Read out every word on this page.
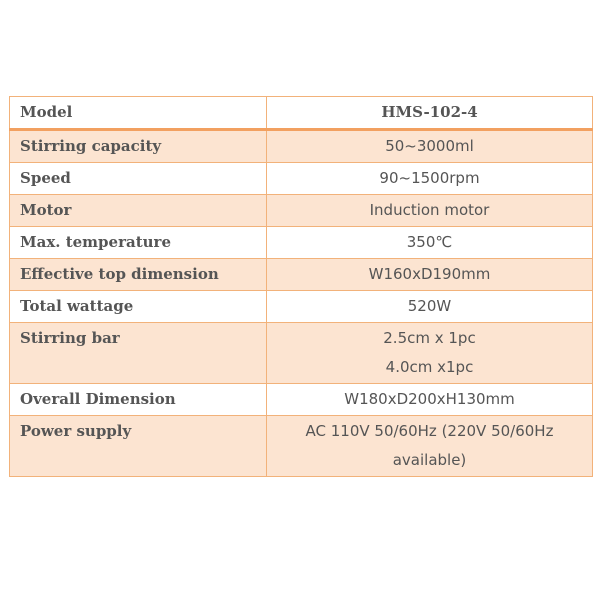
Model	HMS-102-4
Stirring capacity	50~3000ml

Speed	90~1500rpm

Motor	Induction motor

Max. temperature	350℃

Effective top dimension	W160xD190mm

Total wattage	520W

Stirring bar	2.5cm x 1pc
4.0cm x1pc

Overall Dimension	W180xD200xH130mm

Power supply	AC 110V 50/60Hz (220V 50/60Hz
available)
